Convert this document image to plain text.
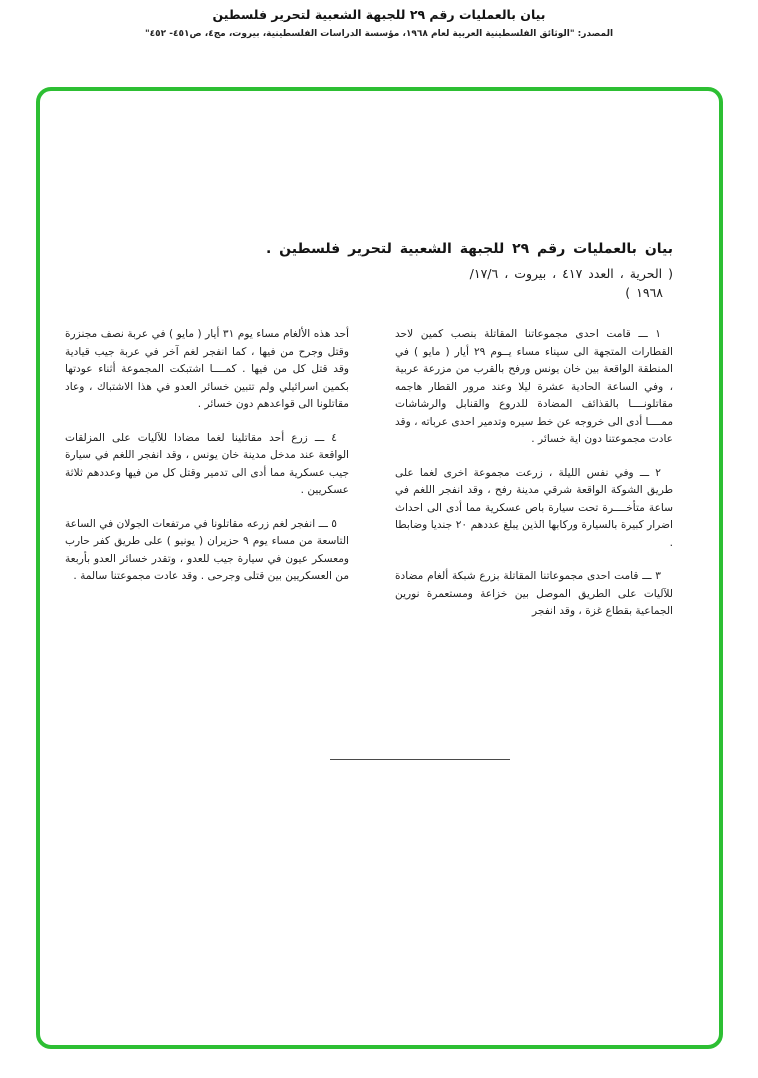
بيان بالعمليات رقم ٢٩ للجبهة الشعبية لتحرير فلسطين
المصدر: "الوثائق الفلسطينية العربية لعام ١٩٦٨، مؤسسة الدراسات الفلسطينية، بيروت، مج٤، ص٤٥١- ٤٥٢"
بيان بالعمليات رقم ٢٩ للجبهة الشعبية لتحرير فلسطين .
( الحرية ، العدد ٤١٧ ، بيروت ، ١٧/٦/
١٩٦٨ )

١ ـــ قامت احدى مجموعاتنا المقاتلة بنصب كمين لاحد القطارات المتجهة الى سيناء مساء يــوم ٢٩ أيار ( مايو ) في المنطقة الواقعة بين خان يونس ورفح بالقرب من مزرعة عربية ، وفي الساعة الحادية عشرة ليلا وعند مرور القطار هاجمه مقاتلونــــا بالقذائف المضادة للدروع والقنابل والرشاشات ممــــا أدى الى خروجه عن خط سيره وتدمير احدى عرباته ، وقد عادت مجموعتنا دون اية خسائر .

٢ ـــ وفي نفس الليلة ، زرعت مجموعة اخرى لغما على طريق الشوكة الواقعة شرقي مدينة رفح ، وقد انفجر اللغم في ساعة متأخــــرة تحت سيارة باص عسكرية مما أدى الى احداث اضرار كبيرة بالسيارة وركابها الذين يبلغ عددهم ٢٠ جنديا وضابطا .

٣ ـــ قامت احدى مجموعاتنا المقاتلة بزرع شبكة ألغام مضادة للآليات على الطريق الموصل بين خزاعة ومستعمرة نورين الجماعية بقطاع غزة ، وقد انفجر

أحد هذه الألغام مساء يوم ٣١ أيار ( مايو ) في عربة نصف مجنزرة وقتل وجرح من فيها ، كما انفجر لغم آخر في عربة جيب قيادية وقد قتل كل من فيها . كمــــا اشتبكت المجموعة أثناء عودتها بكمين اسرائيلي ولم تتبين خسائر العدو في هذا الاشتباك ، وعاد مقاتلونا الى قواعدهم دون خسائر .

٤ ـــ زرع أحد مقاتلينا لغما مضادا للآليات على المزلقات الواقعة عند مدخل مدينة خان يونس ، وقد انفجر اللغم في سيارة جيب عسكرية مما أدى الى تدمير وقتل كل من فيها وعددهم ثلاثة عسكريين .

٥ ـــ انفجر لغم زرعه مقاتلونا في مرتفعات الجولان في الساعة التاسعة من مساء يوم ٩ حزيران ( يونيو ) على طريق كفر حارب ومعسكر عيون في سيارة جيب للعدو ، وتقدر خسائر العدو بأربعة من العسكريين بين قتلى وجرحى . وقد عادت مجموعتنا سالمة .
